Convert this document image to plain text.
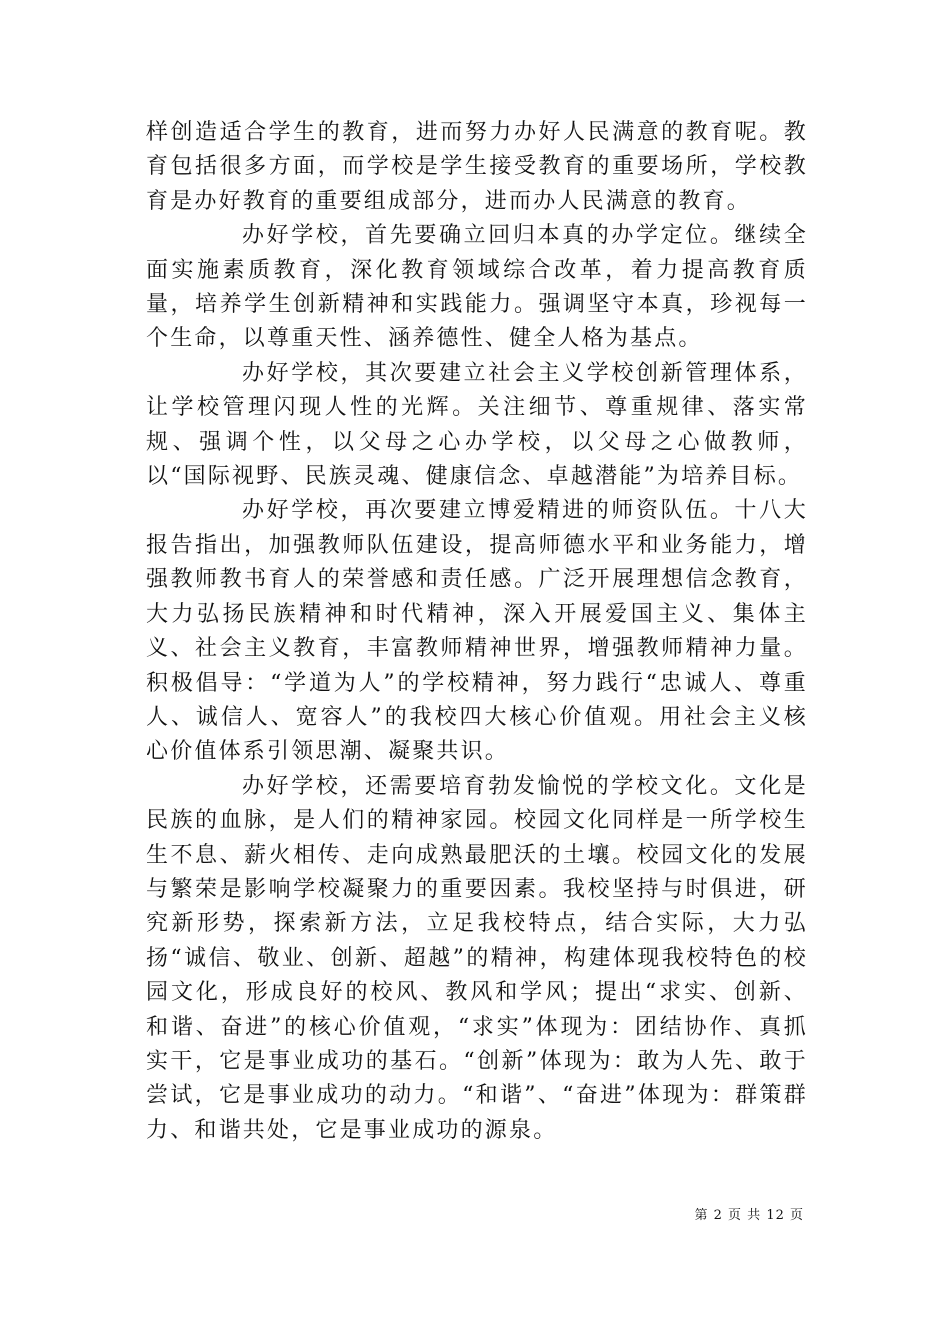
样创造适合学生的教育，进而努力办好人民满意的教育呢。教育包括很多方面，而学校是学生接受教育的重要场所，学校教育是办好教育的重要组成部分，进而办人民满意的教育。

办好学校，首先要确立回归本真的办学定位。继续全面实施素质教育，深化教育领域综合改革，着力提高教育质量，培养学生创新精神和实践能力。强调坚守本真，珍视每一个生命，以尊重天性、涵养德性、健全人格为基点。

办好学校，其次要建立社会主义学校创新管理体系，让学校管理闪现人性的光辉。关注细节、尊重规律、落实常规、强调个性，以父母之心办学校，以父母之心做教师，以“国际视野、民族灵魂、健康信念、卓越潜能”为培养目标。

办好学校，再次要建立博爱精进的师资队伍。十八大报告指出，加强教师队伍建设，提高师德水平和业务能力，增强教师教书育人的荣誉感和责任感。广泛开展理想信念教育，大力弘扬民族精神和时代精神，深入开展爱国主义、集体主义、社会主义教育，丰富教师精神世界，增强教师精神力量。积极倡导：“学道为人”的学校精神，努力践行“忠诚人、尊重人、诚信人、宽容人”的我校四大核心价值观。用社会主义核心价值体系引领思潮、凝聚共识。

办好学校，还需要培育勃发愉悦的学校文化。文化是民族的血脉，是人们的精神家园。校园文化同样是一所学校生生不息、薪火相传、走向成熟最肥沃的土壤。校园文化的发展与繁荣是影响学校凝聚力的重要因素。我校坚持与时俱进，研究新形势，探索新方法，立足我校特点，结合实际，大力弘扬“诚信、敬业、创新、超越”的精神，构建体现我校特色的校园文化，形成良好的校风、教风和学风；提出“求实、创新、和谐、奋进”的核心价值观，“求实”体现为：团结协作、真抓实干，它是事业成功的基石。“创新”体现为：敢为人先、敢于尝试，它是事业成功的动力。“和谐”、“奋进”体现为：群策群力、和谐共处，它是事业成功的源泉。

第 2 页 共 12 页
